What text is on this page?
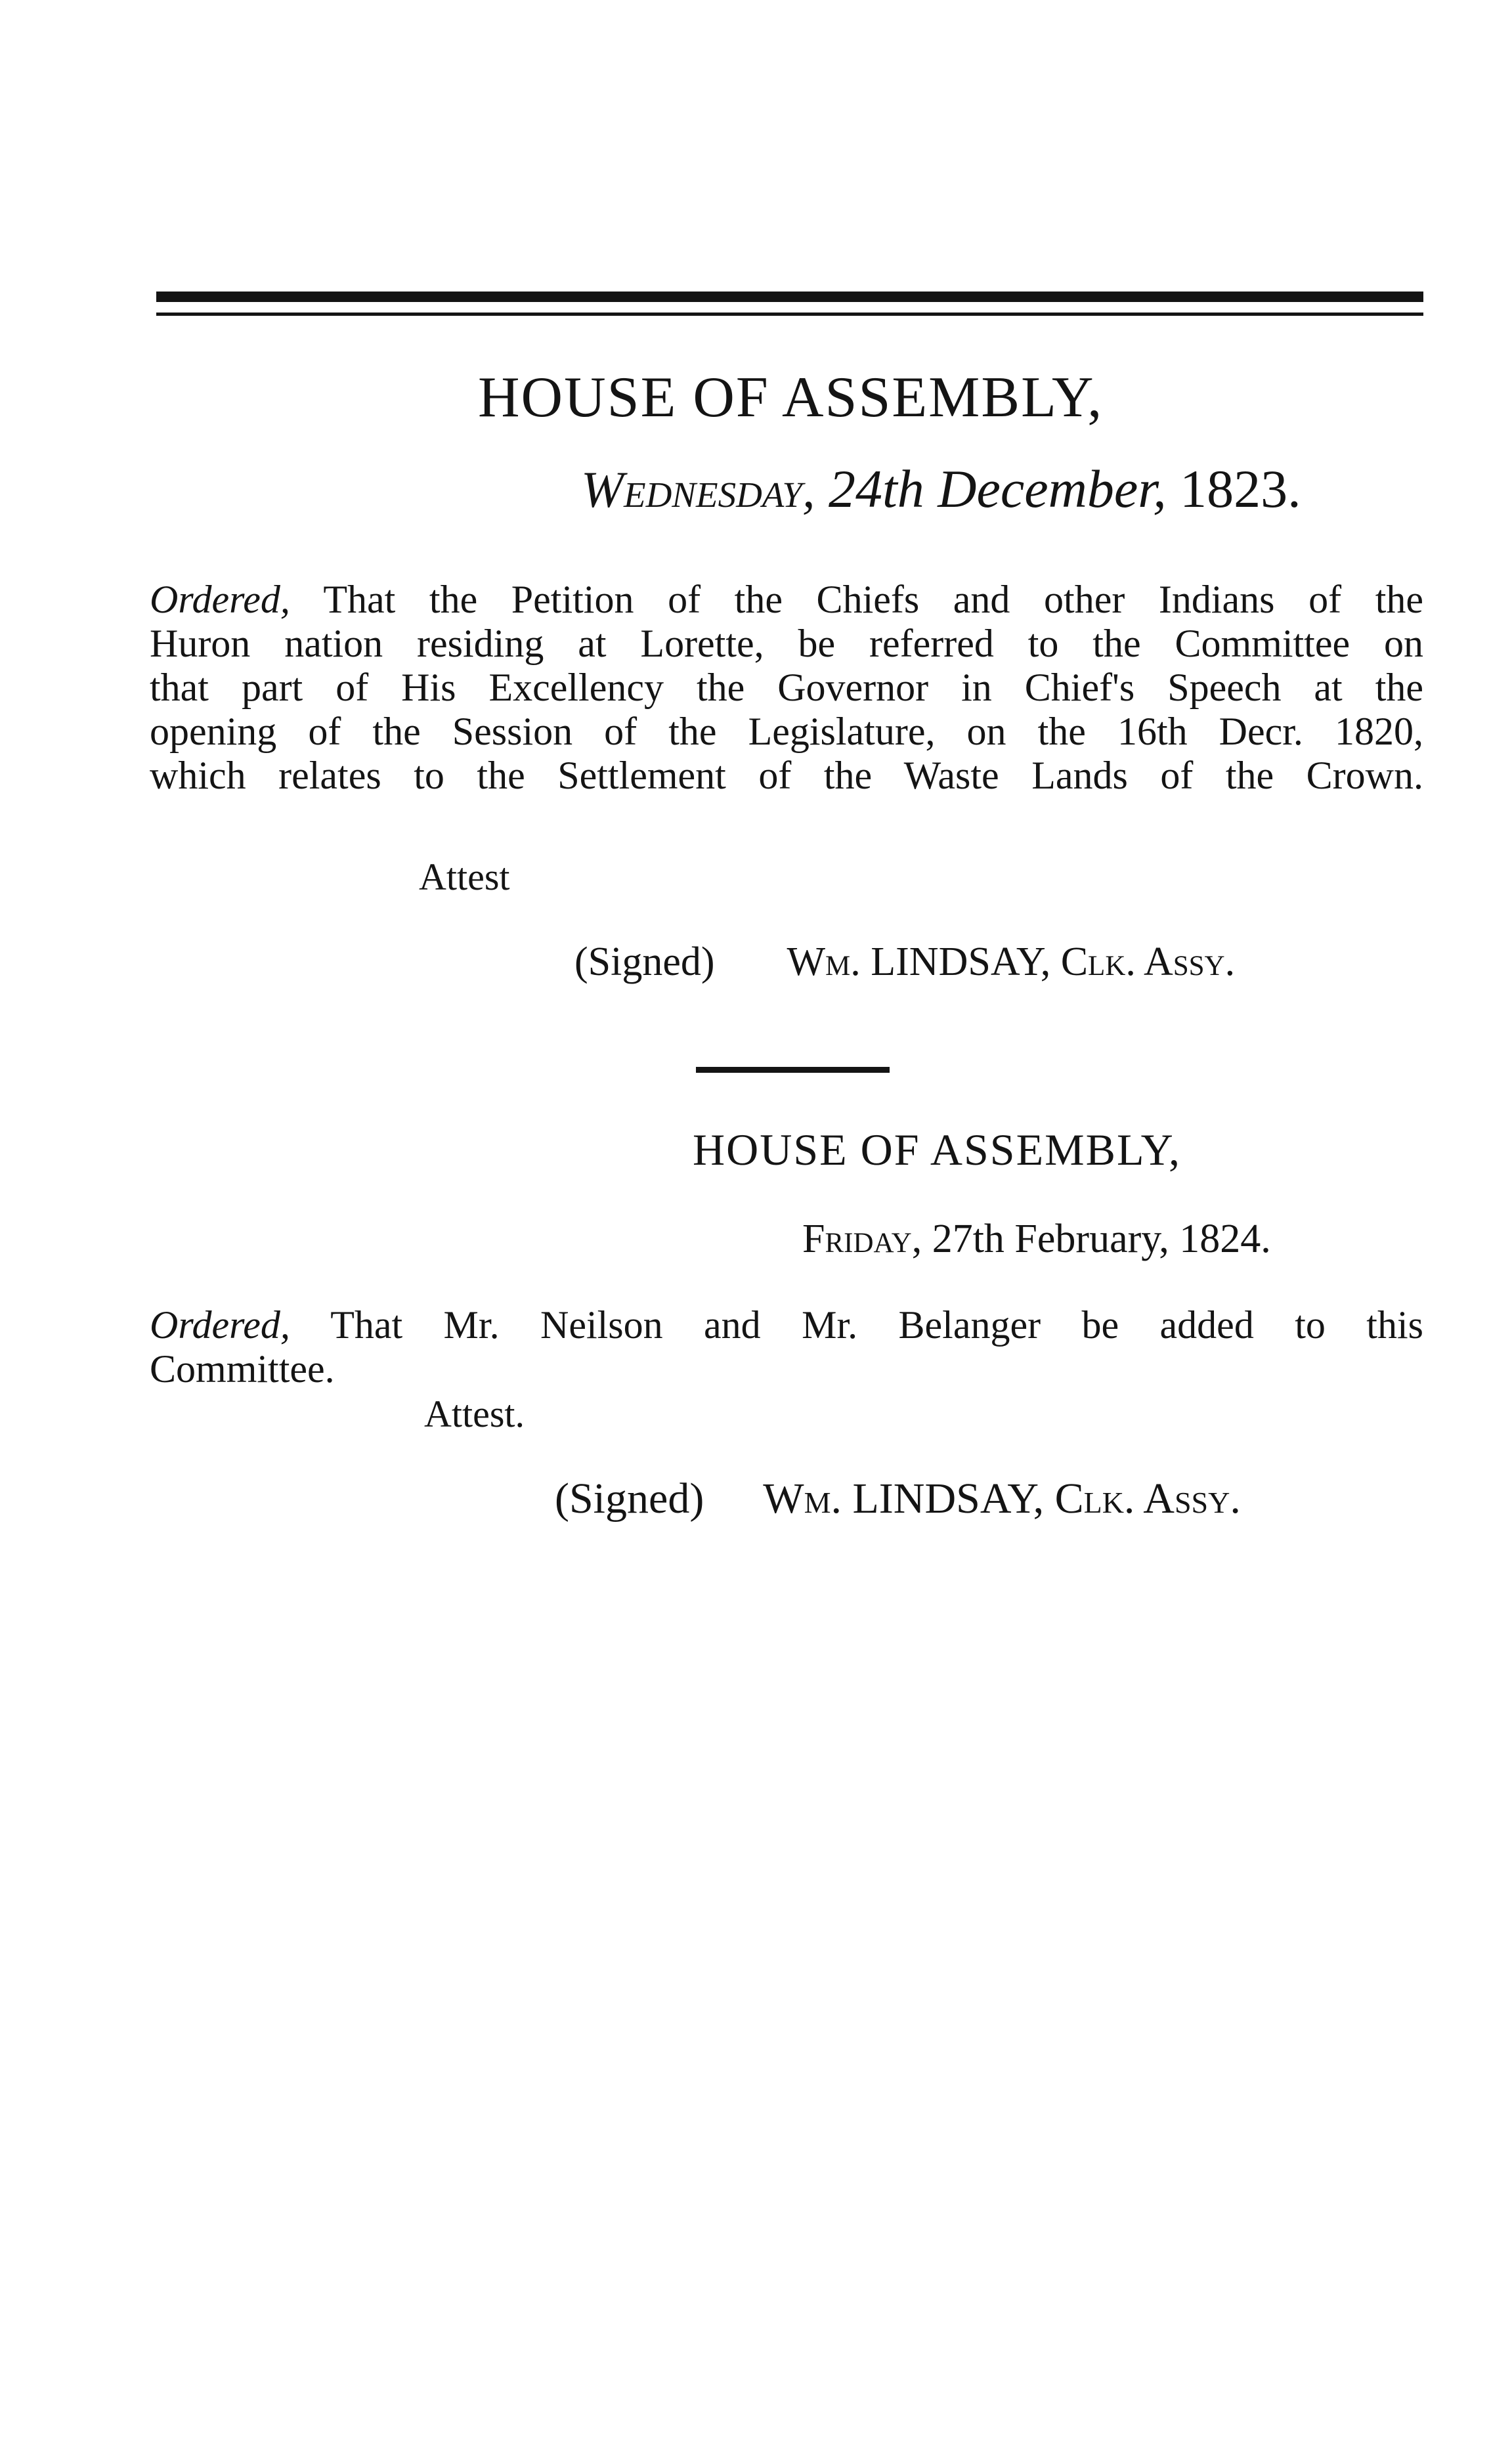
HOUSE OF ASSEMBLY,
Wednesday, 24th December, 1823.
Ordered, That the Petition of the Chiefs and other Indians of the
Huron nation residing at Lorette, be referred to the Committee on
that part of His Excellency the Governor in Chief's Speech at the
opening of the Session of the Legislature, on the 16th Decr. 1820,
which relates to the Settlement of the Waste Lands of the Crown.
Attest
(Signed) Wm. LINDSAY, Clk. Assy.
HOUSE OF ASSEMBLY,
Friday, 27th February, 1824.
Ordered, That Mr. Neilson and Mr. Belanger be added to this
Committee.
Attest.
(Signed) Wm. LINDSAY, Clk. Assy.
